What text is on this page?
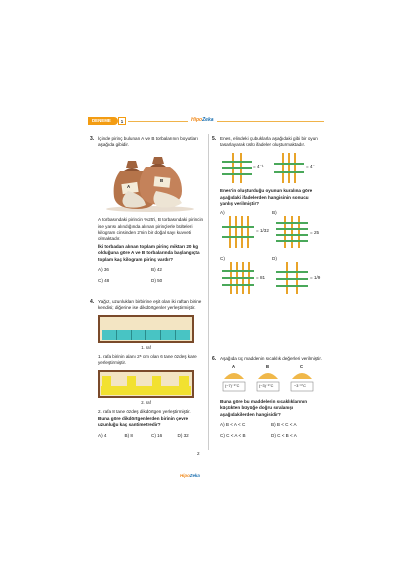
DENEME	1	HipoZeka
3. İçinde pirinç bulunan A ve B torbalarının boyutları aşağıda gibidir.
A
B
A torbasındaki pirincin %25'i, B torbasındaki pirincin ise yarısı alındığında alınan pirinçlerle bülteleri kilogram cinsinden 2'nin bir doğal sayı kuvveti olmaktadır.
İki torbadan alınan toplam pirinç miktarı 20 kg olduğuna göre A ve B torbalarında başlangıçta toplam kaç kilogram pirinç vardır?
A) 36	B) 42
C) 48	D) 50
4. Yağız, uzunlukları birbirine eşit olan iki raftan birine kendisi; diğerine ise dikdörtgenler yerleştirmiştir.
1. raf
1. rafa birinin alanı 2⁸ cm olan 6 tane özdeş kare yerleştirmiştir.
2. raf
2. rafa 8 tane özdeş dikdörtgen yerleştirmiştir.
Buna göre dikdörtgenlerden birinin çevre uzunluğu kaç santimetredir?
A) 4	B) 8	C) 16	D) 32
5. Enes, elindeki çubuklarla aşağıdaki gibi bir oyun tasarlayarak üslü ifadeler oluşturmaktadır.
= 4⁻¹	= 4⁻
Enes'in oluşturduğu oyunun kuralına göre aşağıdaki ifadelerden hangisinin sonucu yanlış verilmiştir?
A)
= 1/32
B)
= 25
C)
= 81
D)
= 1/9
6. Aşağıda üç maddenin sıcaklık değerleri verilmiştir.
A	B	C
(−7)⁻¹°C	(−3)⁻¹°C	−3⁻¹°C
Buna göre bu maddelerin sıcaklıklarının küçükten büyüğe doğru sıralanışı aşağıdakilerden hangisidir?
A) B < A < C	B) B < C < A
C) C < A < B	D) C < B < A
2
HipoZeka
